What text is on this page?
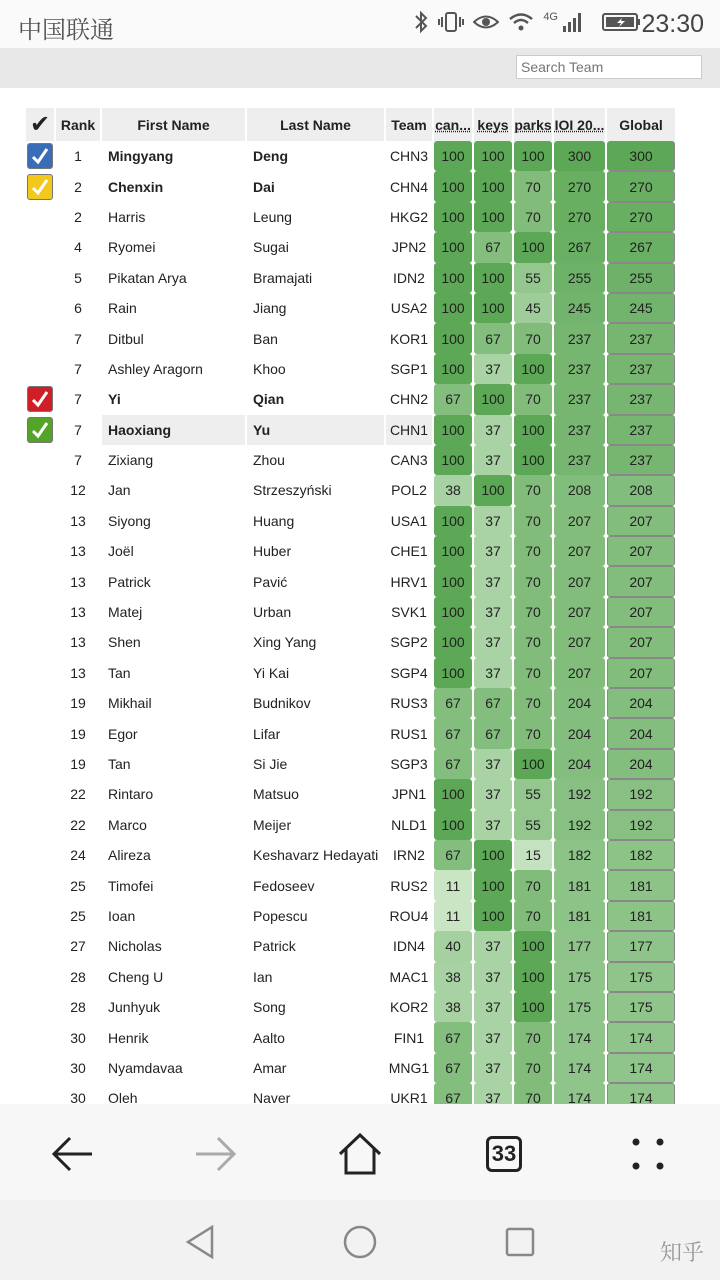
中国联通	4G	23:30
Search Team
✔	Rank	First Name	Last Name	Team	can...	keys	parks	IOI 20...	Global

	1	Mingyang	Deng	CHN3	100	100	100	300	300

	2	Chenxin	Dai	CHN4	100	100	70	270	270
	2	Harris	Leung	HKG2	100	100	70	270	270
	4	Ryomei	Sugai	JPN2	100	67	100	267	267
	5	Pikatan Arya	Bramajati	IDN2	100	100	55	255	255
	6	Rain	Jiang	USA2	100	100	45	245	245
	7	Ditbul	Ban	KOR1	100	67	70	237	237
	7	Ashley Aragorn	Khoo	SGP1	100	37	100	237	237

	7	Yi	Qian	CHN2	67	100	70	237	237

	7	Haoxiang	Yu	CHN1	100	37	100	237	237
	7	Zixiang	Zhou	CAN3	100	37	100	237	237
	12	Jan	Strzeszyński	POL2	38	100	70	208	208
	13	Siyong	Huang	USA1	100	37	70	207	207
	13	Joël	Huber	CHE1	100	37	70	207	207
	13	Patrick	Pavić	HRV1	100	37	70	207	207
	13	Matej	Urban	SVK1	100	37	70	207	207
	13	Shen	Xing Yang	SGP2	100	37	70	207	207
	13	Tan	Yi Kai	SGP4	100	37	70	207	207
	19	Mikhail	Budnikov	RUS3	67	67	70	204	204
	19	Egor	Lifar	RUS1	67	67	70	204	204
	19	Tan	Si Jie	SGP3	67	37	100	204	204
	22	Rintaro	Matsuo	JPN1	100	37	55	192	192
	22	Marco	Meijer	NLD1	100	37	55	192	192
	24	Alireza	Keshavarz Hedayati	IRN2	67	100	15	182	182
	25	Timofei	Fedoseev	RUS2	11	100	70	181	181
	25	Ioan	Popescu	ROU4	11	100	70	181	181
	27	Nicholas	Patrick	IDN4	40	37	100	177	177
	28	Cheng U	Ian	MAC1	38	37	100	175	175
	28	Junhyuk	Song	KOR2	38	37	100	175	175
	30	Henrik	Aalto	FIN1	67	37	70	174	174
	30	Nyamdavaa	Amar	MNG1	67	37	70	174	174
	30	Oleh	Naver	UKR1	67	37	70	174	174

33
知乎
